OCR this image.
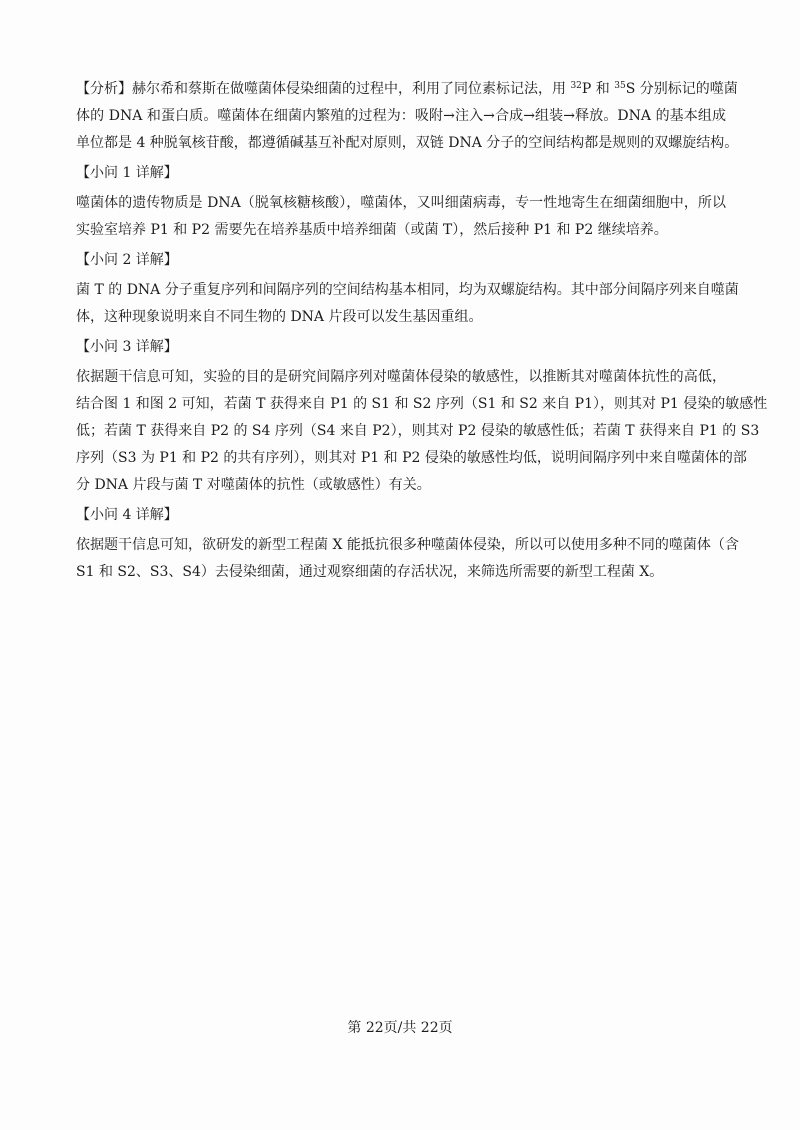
【分析】赫尔希和蔡斯在做噬菌体侵染细菌的过程中，利用了同位素标记法，用 $^{32}$P 和 $^{35}$S 分别标记的噬菌
体的 DNA 和蛋白质。噬菌体在细菌内繁殖的过程为：吸附→注入→合成→组装→释放。DNA 的基本组成
单位都是 4 种脱氧核苷酸，都遵循碱基互补配对原则，双链 DNA 分子的空间结构都是规则的双螺旋结构。
【小问 1 详解】
噬菌体的遗传物质是 DNA（脱氧核糖核酸），噬菌体，又叫细菌病毒，专一性地寄生在细菌细胞中，所以
实验室培养 P1 和 P2 需要先在培养基质中培养细菌（或菌 T），然后接种 P1 和 P2 继续培养。
【小问 2 详解】
菌 T 的 DNA 分子重复序列和间隔序列的空间结构基本相同，均为双螺旋结构。其中部分间隔序列来自噬菌
体，这种现象说明来自不同生物的 DNA 片段可以发生基因重组。
【小问 3 详解】
依据题干信息可知，实验的目的是研究间隔序列对噬菌体侵染的敏感性，以推断其对噬菌体抗性的高低，
结合图 1 和图 2 可知，若菌 T 获得来自 P1 的 S1 和 S2 序列（S1 和 S2 来自 P1），则其对 P1 侵染的敏感性
低；若菌 T 获得来自 P2 的 S4 序列（S4 来自 P2），则其对 P2 侵染的敏感性低；若菌 T 获得来自 P1 的 S3
序列（S3 为 P1 和 P2 的共有序列），则其对 P1 和 P2 侵染的敏感性均低，说明间隔序列中来自噬菌体的部
分 DNA 片段与菌 T 对噬菌体的抗性（或敏感性）有关。
【小问 4 详解】
依据题干信息可知，欲研发的新型工程菌 X 能抵抗很多种噬菌体侵染，所以可以使用多种不同的噬菌体（含
S1 和 S2、S3、S4）去侵染细菌，通过观察细菌的存活状况，来筛选所需要的新型工程菌 X。
第 22页/共 22页
